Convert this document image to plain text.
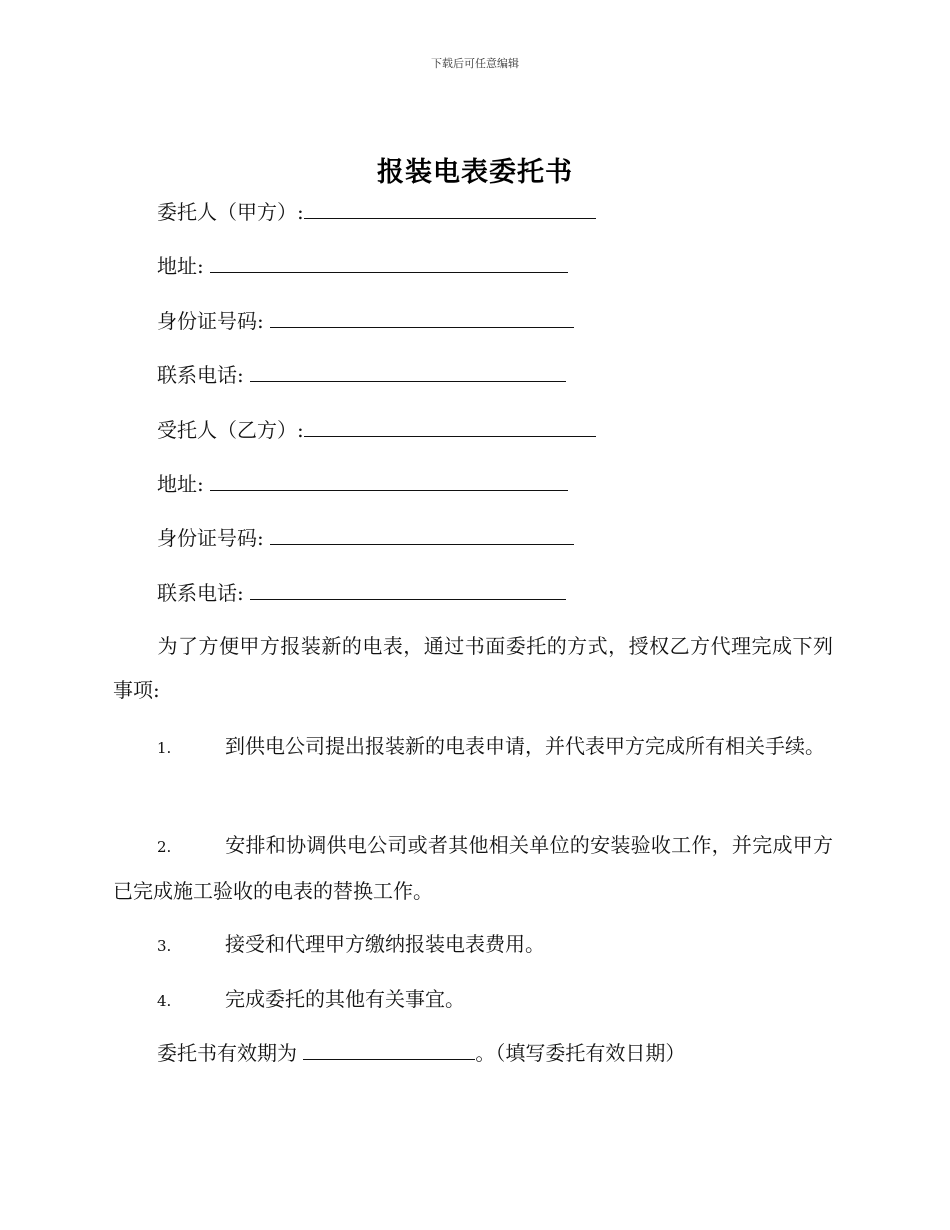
下载后可任意编辑
报装电表委托书
委托人（甲方）:
地址:
身份证号码:
联系电话:
受托人（乙方）:
地址:
身份证号码:
联系电话:
为了方便甲方报装新的电表，通过书面委托的方式，授权乙方代理完成下列事项:
1.	到供电公司提出报装新的电表申请，并代表甲方完成所有相关手续。
2.	安排和协调供电公司或者其他相关单位的安装验收工作，并完成甲方已完成施工验收的电表的替换工作。
3.	接受和代理甲方缴纳报装电表费用。
4.	完成委托的其他有关事宜。
委托书有效期为	。（填写委托有效日期）
